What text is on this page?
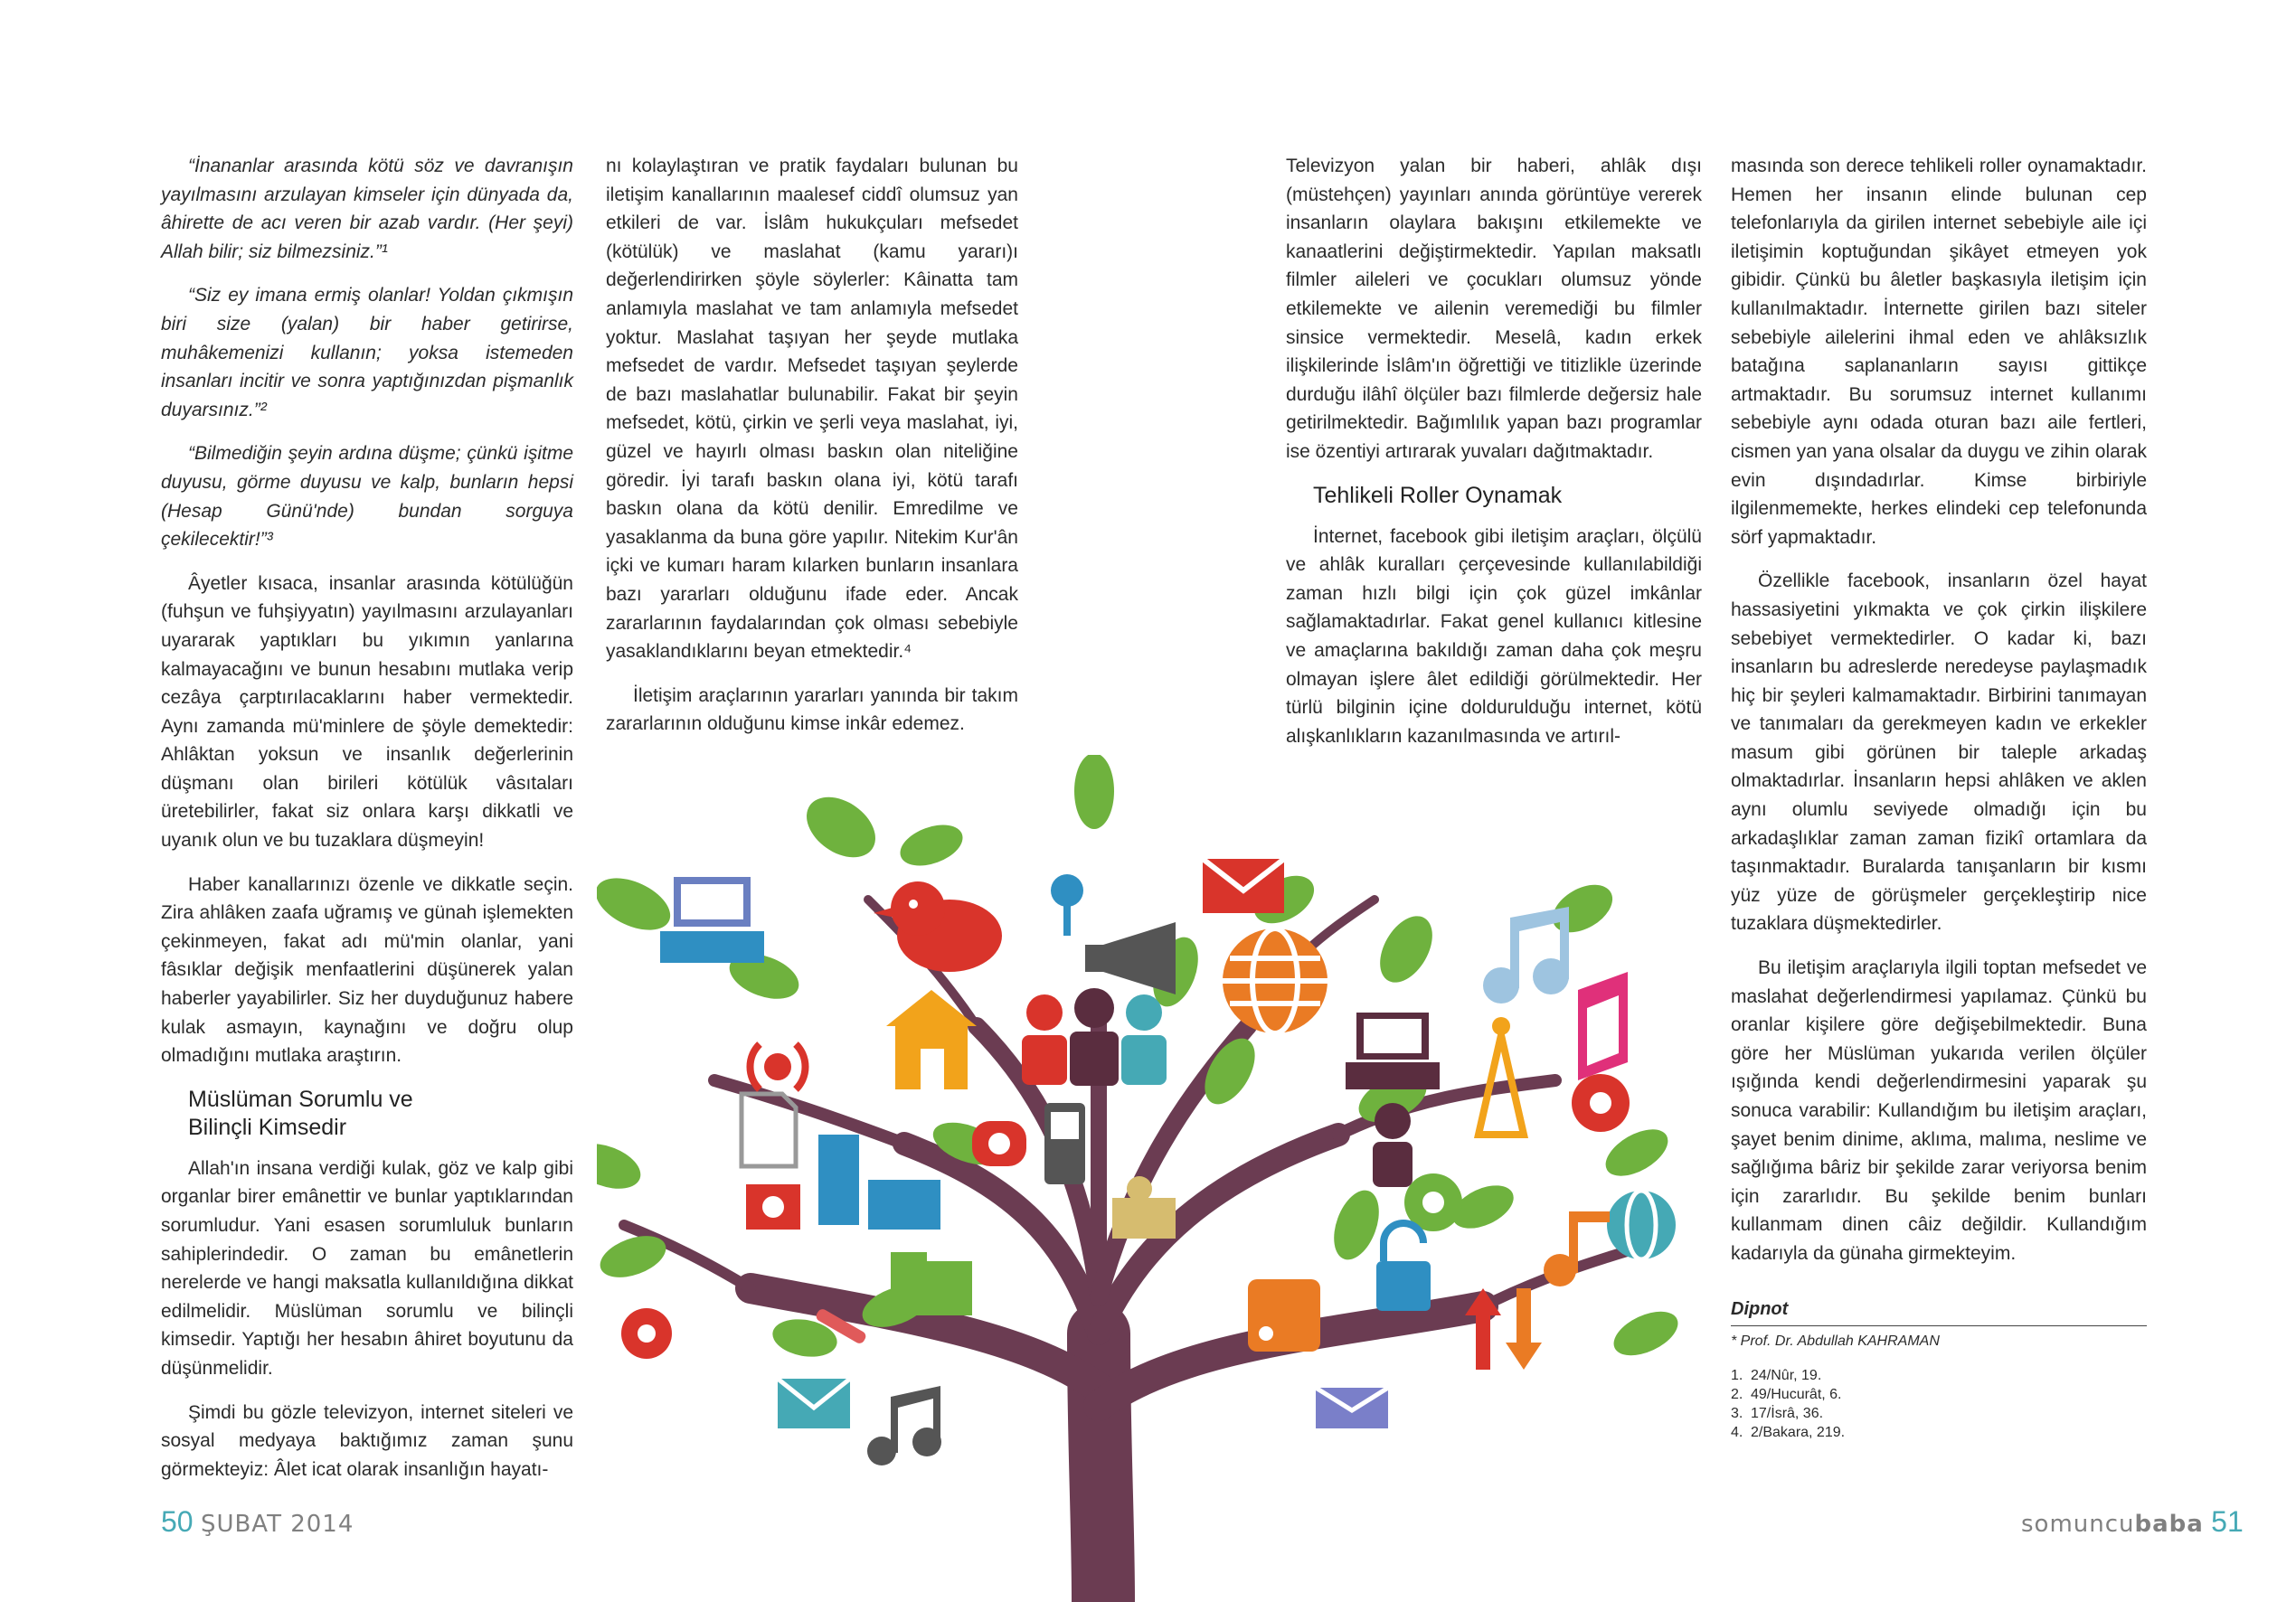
“İnananlar arasında kötü söz ve davranışın yayılmasını arzulayan kimseler için dünyada da, âhirette de acı veren bir azab vardır. (Her şeyi) Allah bilir; siz bilmezsiniz.”¹

“Siz ey imana ermiş olanlar! Yoldan çıkmışın biri size (yalan) bir haber getirirse, muhâkemenizi kullanın; yoksa istemeden insanları incitir ve sonra yaptığınızdan pişmanlık duyarsınız.”²

“Bilmediğin şeyin ardına düşme; çünkü işitme duyusu, görme duyusu ve kalp, bunların hepsi (Hesap Günü'nde) bundan sorguya çekilecektir!”³

Âyetler kısaca, insanlar arasında kötülüğün (fuhşun ve fuhşiyyatın) yayılmasını arzulayanları uyararak yaptıkları bu yıkımın yanlarına kalmayacağını ve bunun hesabını mutlaka verip cezâya çarptırılacaklarını haber vermektedir. Aynı zamanda mü'minlere de şöyle demektedir: Ahlâktan yoksun ve insanlık değerlerinin düşmanı olan birileri kötülük vâsıtaları üretebilirler, fakat siz onlara karşı dikkatli ve uyanık olun ve bu tuzaklara düşmeyin!

Haber kanallarınızı özenle ve dikkatle seçin. Zira ahlâken zaafa uğramış ve günah işlemekten çekinmeyen, fakat adı mü'min olanlar, yani fâsıklar değişik menfaatlerini düşünerek yalan haberler yayabilirler. Siz her duyduğunuz habere kulak asmayın, kaynağını ve doğru olup olmadığını mutlaka araştırın.

Müslüman Sorumlu ve
Bilinçli Kimsedir

Allah'ın insana verdiği kulak, göz ve kalp gibi organlar birer emânettir ve bunlar yaptıklarından sorumludur. Yani esasen sorumluluk bunların sahiplerindedir. O zaman bu emânetlerin nerelerde ve hangi maksatla kullanıldığına dikkat edilmelidir. Müslüman sorumlu ve bilinçli kimsedir. Yaptığı her hesabın âhiret boyutunu da düşünmelidir.

Şimdi bu gözle televizyon, internet siteleri ve sosyal medyaya baktığımız zaman şunu görmekteyiz: Âlet icat olarak insanlığın hayatı-

nı kolaylaştıran ve pratik faydaları bulunan bu iletişim kanallarının maalesef ciddî olumsuz yan etkileri de var. İslâm hukukçuları mefsedet (kötülük) ve maslahat (kamu yararı)ı değerlendirirken şöyle söylerler: Kâinatta tam anlamıyla maslahat ve tam anlamıyla mefsedet yoktur. Maslahat taşıyan her şeyde mutlaka mefsedet de vardır. Mefsedet taşıyan şeylerde de bazı maslahatlar bulunabilir. Fakat bir şeyin mefsedet, kötü, çirkin ve şerli veya maslahat, iyi, güzel ve hayırlı olması baskın olan niteliğine göredir. İyi tarafı baskın olana iyi, kötü tarafı baskın olana da kötü denilir. Emredilme ve yasaklanma da buna göre yapılır. Nitekim Kur'ân içki ve kumarı haram kılarken bunların insanlara bazı yararları olduğunu ifade eder. Ancak zararlarının faydalarından çok olması sebebiyle yasaklandıklarını beyan etmektedir.⁴

İletişim araçlarının yararları yanında bir takım zararlarının olduğunu kimse inkâr edemez.

Televizyon yalan bir haberi, ahlâk dışı (müstehçen) yayınları anında görüntüye vererek insanların olaylara bakışını etkilemekte ve kanaatlerini değiştirmektedir. Yapılan maksatlı filmler aileleri ve çocukları olumsuz yönde etkilemekte ve ailenin veremediği bu filmler sinsice vermektedir. Meselâ, kadın erkek ilişkilerinde İslâm'ın öğrettiği ve titizlikle üzerinde durduğu ilâhî ölçüler bazı filmlerde değersiz hale getirilmektedir. Bağımlılık yapan bazı programlar ise özentiyi artırarak yuvaları dağıtmaktadır.

Tehlikeli Roller Oynamak

İnternet, facebook gibi iletişim araçları, ölçülü ve ahlâk kuralları çerçevesinde kullanılabildiği zaman hızlı bilgi için çok güzel imkânlar sağlamaktadırlar. Fakat genel kullanıcı kitlesine ve amaçlarına bakıldığı zaman daha çok meşru olmayan işlere âlet edildiği görülmektedir. Her türlü bilginin içine doldurulduğu internet, kötü alışkanlıkların kazanılmasında ve artırıl-

masında son derece tehlikeli roller oynamaktadır. Hemen her insanın elinde bulunan cep telefonlarıyla da girilen internet sebebiyle aile içi iletişimin koptuğundan şikâyet etmeyen yok gibidir. Çünkü bu âletler başkasıyla iletişim için kullanılmaktadır. İnternette girilen bazı siteler sebebiyle ailelerini ihmal eden ve ahlâksızlık batağına saplananların sayısı gittikçe artmaktadır. Bu sorumsuz internet kullanımı sebebiyle aynı odada oturan bazı aile fertleri, cismen yan yana olsalar da duygu ve zihin olarak evin dışındadırlar. Kimse birbiriyle ilgilenmemekte, herkes elindeki cep telefonunda sörf yapmaktadır.

Özellikle facebook, insanların özel hayat hassasiyetini yıkmakta ve çok çirkin ilişkilere sebebiyet vermektedirler. O kadar ki, bazı insanların bu adreslerde neredeyse paylaşmadık hiç bir şeyleri kalmamaktadır. Birbirini tanımayan ve tanımaları da gerekmeyen kadın ve erkekler masum gibi görünen bir taleple arkadaş olmaktadırlar. İnsanların hepsi ahlâken ve aklen aynı olumlu seviyede olmadığı için bu arkadaşlıklar zaman zaman fizikî ortamlara da taşınmaktadır. Buralarda tanışanların bir kısmı yüz yüze de görüşmeler gerçekleştirip nice tuzaklara düşmektedirler.

Bu iletişim araçlarıyla ilgili toptan mefsedet ve maslahat değerlendirmesi yapılamaz. Çünkü bu oranlar kişilere göre değişebilmektedir. Buna göre her Müslüman yukarıda verilen ölçüler ışığında kendi değerlendirmesini yaparak şu sonuca varabilir: Kullandığım bu iletişim araçları, şayet benim dinime, aklıma, malıma, neslime ve sağlığıma bâriz bir şekilde zarar veriyorsa benim için zararlıdır. Bu şekilde benim bunları kullanmam dinen câiz değildir. Kullandığım kadarıyla da günaha girmekteyim.

Dipnot

* Prof. Dr. Abdullah KAHRAMAN

1. 24/Nûr, 19.
2. 49/Hucurât, 6.
3. 17/İsrâ, 36.
4. 2/Bakara, 219.
50 ŞUBAT 2014	somuncubaba 51
